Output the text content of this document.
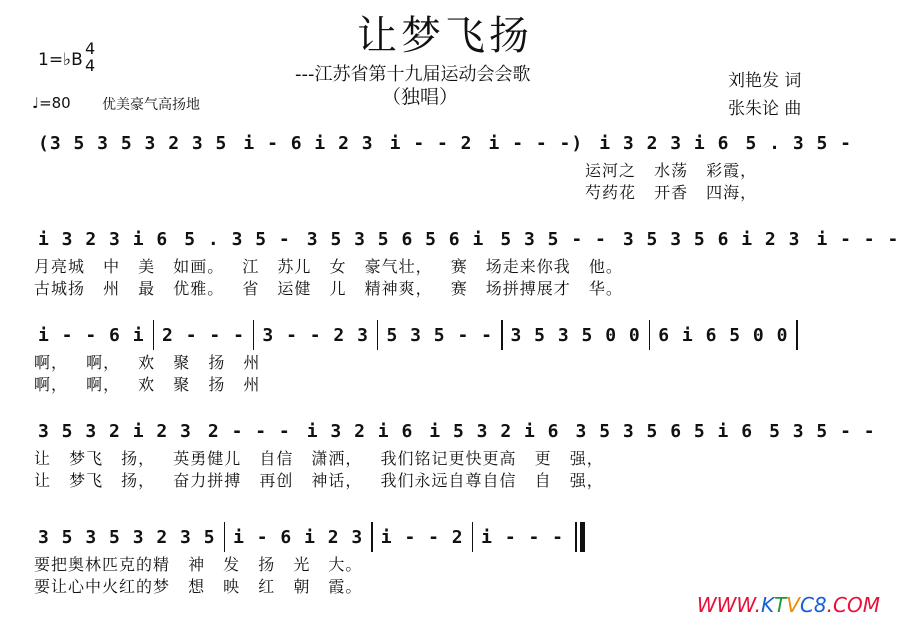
让梦飞扬
---江苏省第十九届运动会会歌
（独唱）
1=♭B
4
4
♩=80 优美豪气高扬地
刘艳发 词
张朱论 曲
(3 5 3 5 3 2 3 5 i - 6 i 2 3 i - - 2 i - - -) i 3 2 3 i 6 5 . 3 5 -
运河之 水荡 彩霞，
芍药花 开香 四海，
i 3 2 3 i 6 5 . 3 5 - 3 5 3 5 6 5 6 i 5 3 5 - - 3 5 3 5 6 i 2 3 i - - -
月亮城 中 美 如画。 江 苏儿 女 豪气壮， 赛 场走来你我 他。
古城扬 州 最 优雅。 省 运健 儿 精神爽， 赛 场拼搏展才 华。
i - - 6 i 2 - - - 3 - - 2 3 5 3 5 - - 3 5 3 5 0 0 6 i 6 5 0 0
啊， 啊， 欢 聚 扬 州
啊， 啊， 欢 聚 扬 州
3 5 3 2 i 2 3 2 - - - i 3 2 i 6 i 5 3 2 i 6 3 5 3 5 6 5 i 6 5 3 5 - -
让 梦飞 扬， 英勇健儿 自信 潇洒， 我们铭记更快更高 更 强，
让 梦飞 扬， 奋力拼搏 再创 神话， 我们永远自尊自信 自 强，
3 5 3 5 3 2 3 5 i - 6 i 2 3 i - - 2 i - - -
要把奥林匹克的精 神 发 扬 光 大。
要让心中火红的梦 想 映 红 朝 霞。
WWW.KTVC8.COM
